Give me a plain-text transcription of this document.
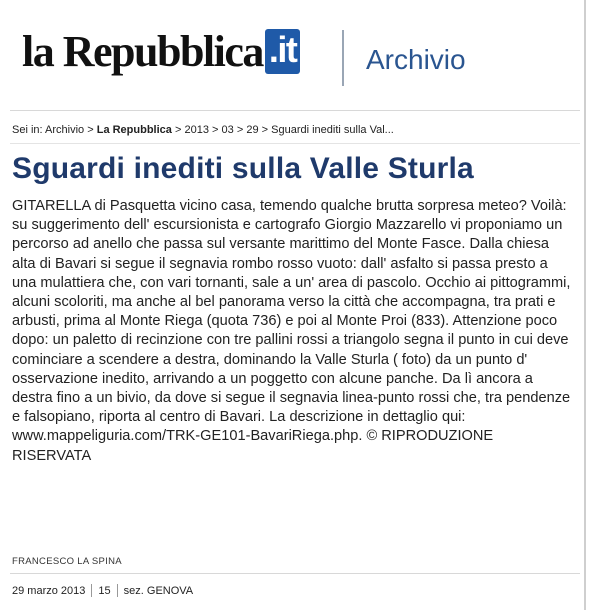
la Repubblica .it Archivio
Sei in: Archivio > La Repubblica > 2013 > 03 > 29 > Sguardi inediti sulla Val...
Sguardi inediti sulla Valle Sturla
GITARELLA di Pasquetta vicino casa, temendo qualche brutta sorpresa meteo? Voilà: su suggerimento dell' escursionista e cartografo Giorgio Mazzarello vi proponiamo un percorso ad anello che passa sul versante marittimo del Monte Fasce. Dalla chiesa alta di Bavari si segue il segnavia rombo rosso vuoto: dall' asfalto si passa presto a una mulattiera che, con vari tornanti, sale a un' area di pascolo. Occhio ai pittogrammi, alcuni scoloriti, ma anche al bel panorama verso la città che accompagna, tra prati e arbusti, prima al Monte Riega (quota 736) e poi al Monte Proi (833). Attenzione poco dopo: un paletto di recinzione con tre pallini rossi a triangolo segna il punto in cui deve cominciare a scendere a destra, dominando la Valle Sturla ( foto) da un punto d' osservazione inedito, arrivando a un poggetto con alcune panche. Da lì ancora a destra fino a un bivio, da dove si segue il segnavia linea-punto rossi che, tra pendenze e falsopiano, riporta al centro di Bavari. La descrizione in dettaglio qui: www.mappeliguria.com/TRK-GE101-BavariRiega.php. © RIPRODUZIONE RISERVATA
FRANCESCO LA SPINA
29 marzo 2013 15 sez.
GENOVA
